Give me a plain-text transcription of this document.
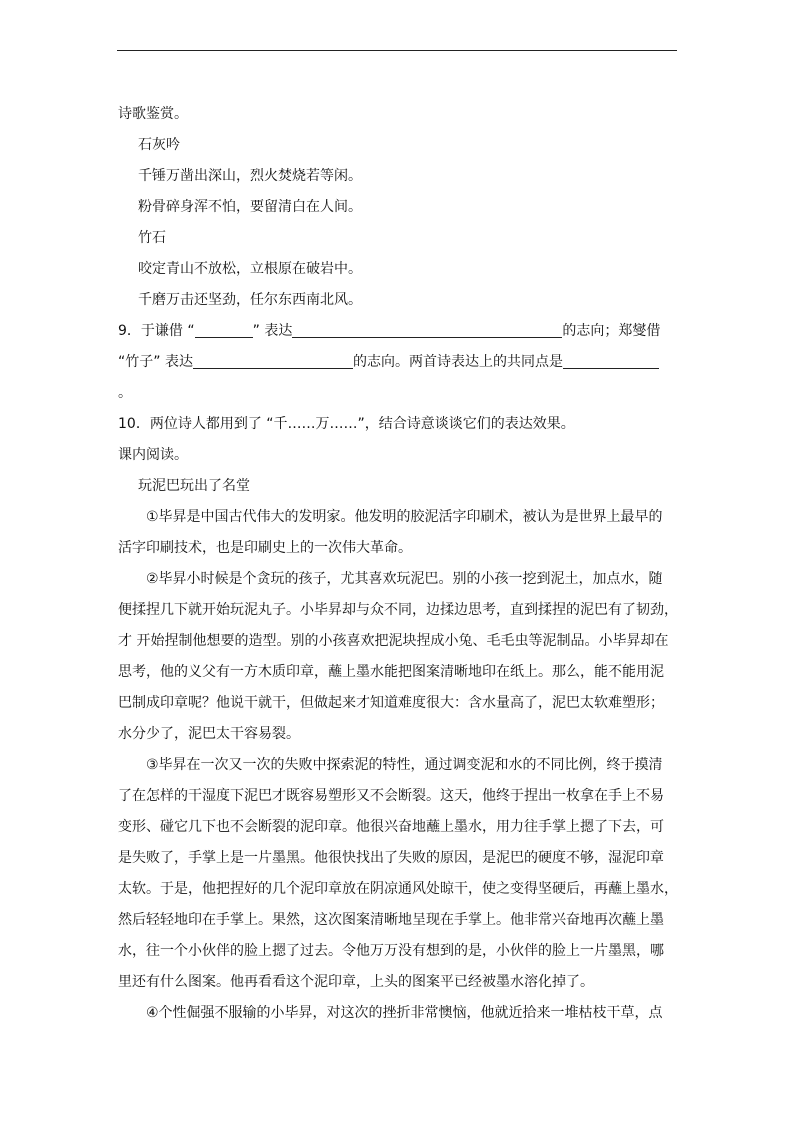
诗歌鉴赏。
石灰吟
千锤万凿出深山，烈火焚烧若等闲。
粉骨碎身浑不怕，要留清白在人间。
竹石
咬定青山不放松，立根原在破岩中。
千磨万击还坚劲，任尔东西南北风。
9．于谦借 “	” 表达	的志向；郑燮借
“竹子” 表达	的志向。两首诗表达上的共同点是
。
10．两位诗人都用到了 “千……万……”，结合诗意谈谈它们的表达效果。
课内阅读。
玩泥巴玩出了名堂
①毕昇是中国古代伟大的发明家。他发明的胶泥活字印刷术，被认为是世界上最早的
活字印刷技术，也是印刷史上的一次伟大革命。
②毕昇小时候是个贪玩的孩子，尤其喜欢玩泥巴。别的小孩一挖到泥土，加点水，随
便揉捏几下就开始玩泥丸子。小毕昇却与众不同，边揉边思考，直到揉捏的泥巴有了韧劲，
才 开始捏制他想要的造型。别的小孩喜欢把泥块捏成小兔、毛毛虫等泥制品。小毕昇却在
思考，他的义父有一方木质印章，蘸上墨水能把图案清晰地印在纸上。那么，能不能用泥
巴制成印章呢？他说干就干，但做起来才知道难度很大：含水量高了，泥巴太软难塑形；
水分少了，泥巴太干容易裂。
③毕昇在一次又一次的失败中探索泥的特性，通过调变泥和水的不同比例，终于摸清
了在怎样的干湿度下泥巴才既容易塑形又不会断裂。这天，他终于捏出一枚拿在手上不易
变形、碰它几下也不会断裂的泥印章。他很兴奋地蘸上墨水，用力往手掌上摁了下去，可
是失败了，手掌上是一片墨黑。他很快找出了失败的原因，是泥巴的硬度不够，湿泥印章
太软。于是，他把捏好的几个泥印章放在阴凉通风处晾干，使之变得坚硬后，再蘸上墨水，
然后轻轻地印在手掌上。果然，这次图案清晰地呈现在手掌上。他非常兴奋地再次蘸上墨
水，往一个小伙伴的脸上摁了过去。令他万万没有想到的是，小伙伴的脸上一片墨黑，哪
里还有什么图案。他再看看这个泥印章，上头的图案平已经被墨水溶化掉了。
④个性倔强不服输的小毕昇，对这次的挫折非常懊恼，他就近拾来一堆枯枝干草，点
